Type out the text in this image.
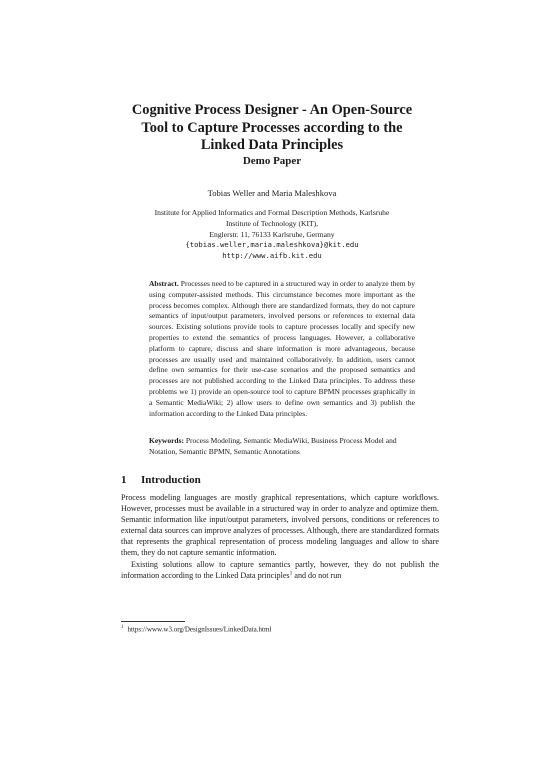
Cognitive Process Designer - An Open-Source
Tool to Capture Processes according to the
Linked Data Principles
Demo Paper
Tobias Weller and Maria Maleshkova
Institute for Applied Informatics and Formal Description Methods, Karlsruhe
Institute of Technology (KIT),
Englerstr. 11, 76133 Karlsruhe, Germany
{tobias.weller,maria.maleshkova}@kit.edu
http://www.aifb.kit.edu
Abstract. Processes need to be captured in a structured way in order to analyze them by using computer-assisted methods. This circumstance becomes more important as the process becomes complex. Although there are standardized formats, they do not capture semantics of input/output parameters, involved persons or references to external data sources. Existing solutions provide tools to capture processes locally and specify new properties to extend the semantics of process languages. However, a collaborative platform to capture, discuss and share information is more advantageous, because processes are usually used and maintained collaboratively. In addition, users cannot define own semantics for their use-case scenarios and the proposed semantics and processes are not published according to the Linked Data principles. To address these problems we 1) provide an open-source tool to capture BPMN processes graphically in a Semantic MediaWiki; 2) allow users to define own semantics and 3) publish the information according to the Linked Data principles.
Keywords: Process Modeling, Semantic MediaWiki, Business Process Model and Notation, Semantic BPMN, Semantic Annotations
1 Introduction

Process modeling languages are mostly graphical representations, which capture workflows. However, processes must be available in a structured way in order to analyze and optimize them. Semantic information like input/output parameters, involved persons, conditions or references to external data sources can improve analyzes of processes. Although, there are standardized formats that represents the graphical representation of process modeling languages and allow to share them, they do not capture semantic information.

Existing solutions allow to capture semantics partly, however, they do not publish the information according to the Linked Data principles$^1$ and do not run

$^1$ https://www.w3.org/DesignIssues/LinkedData.html
